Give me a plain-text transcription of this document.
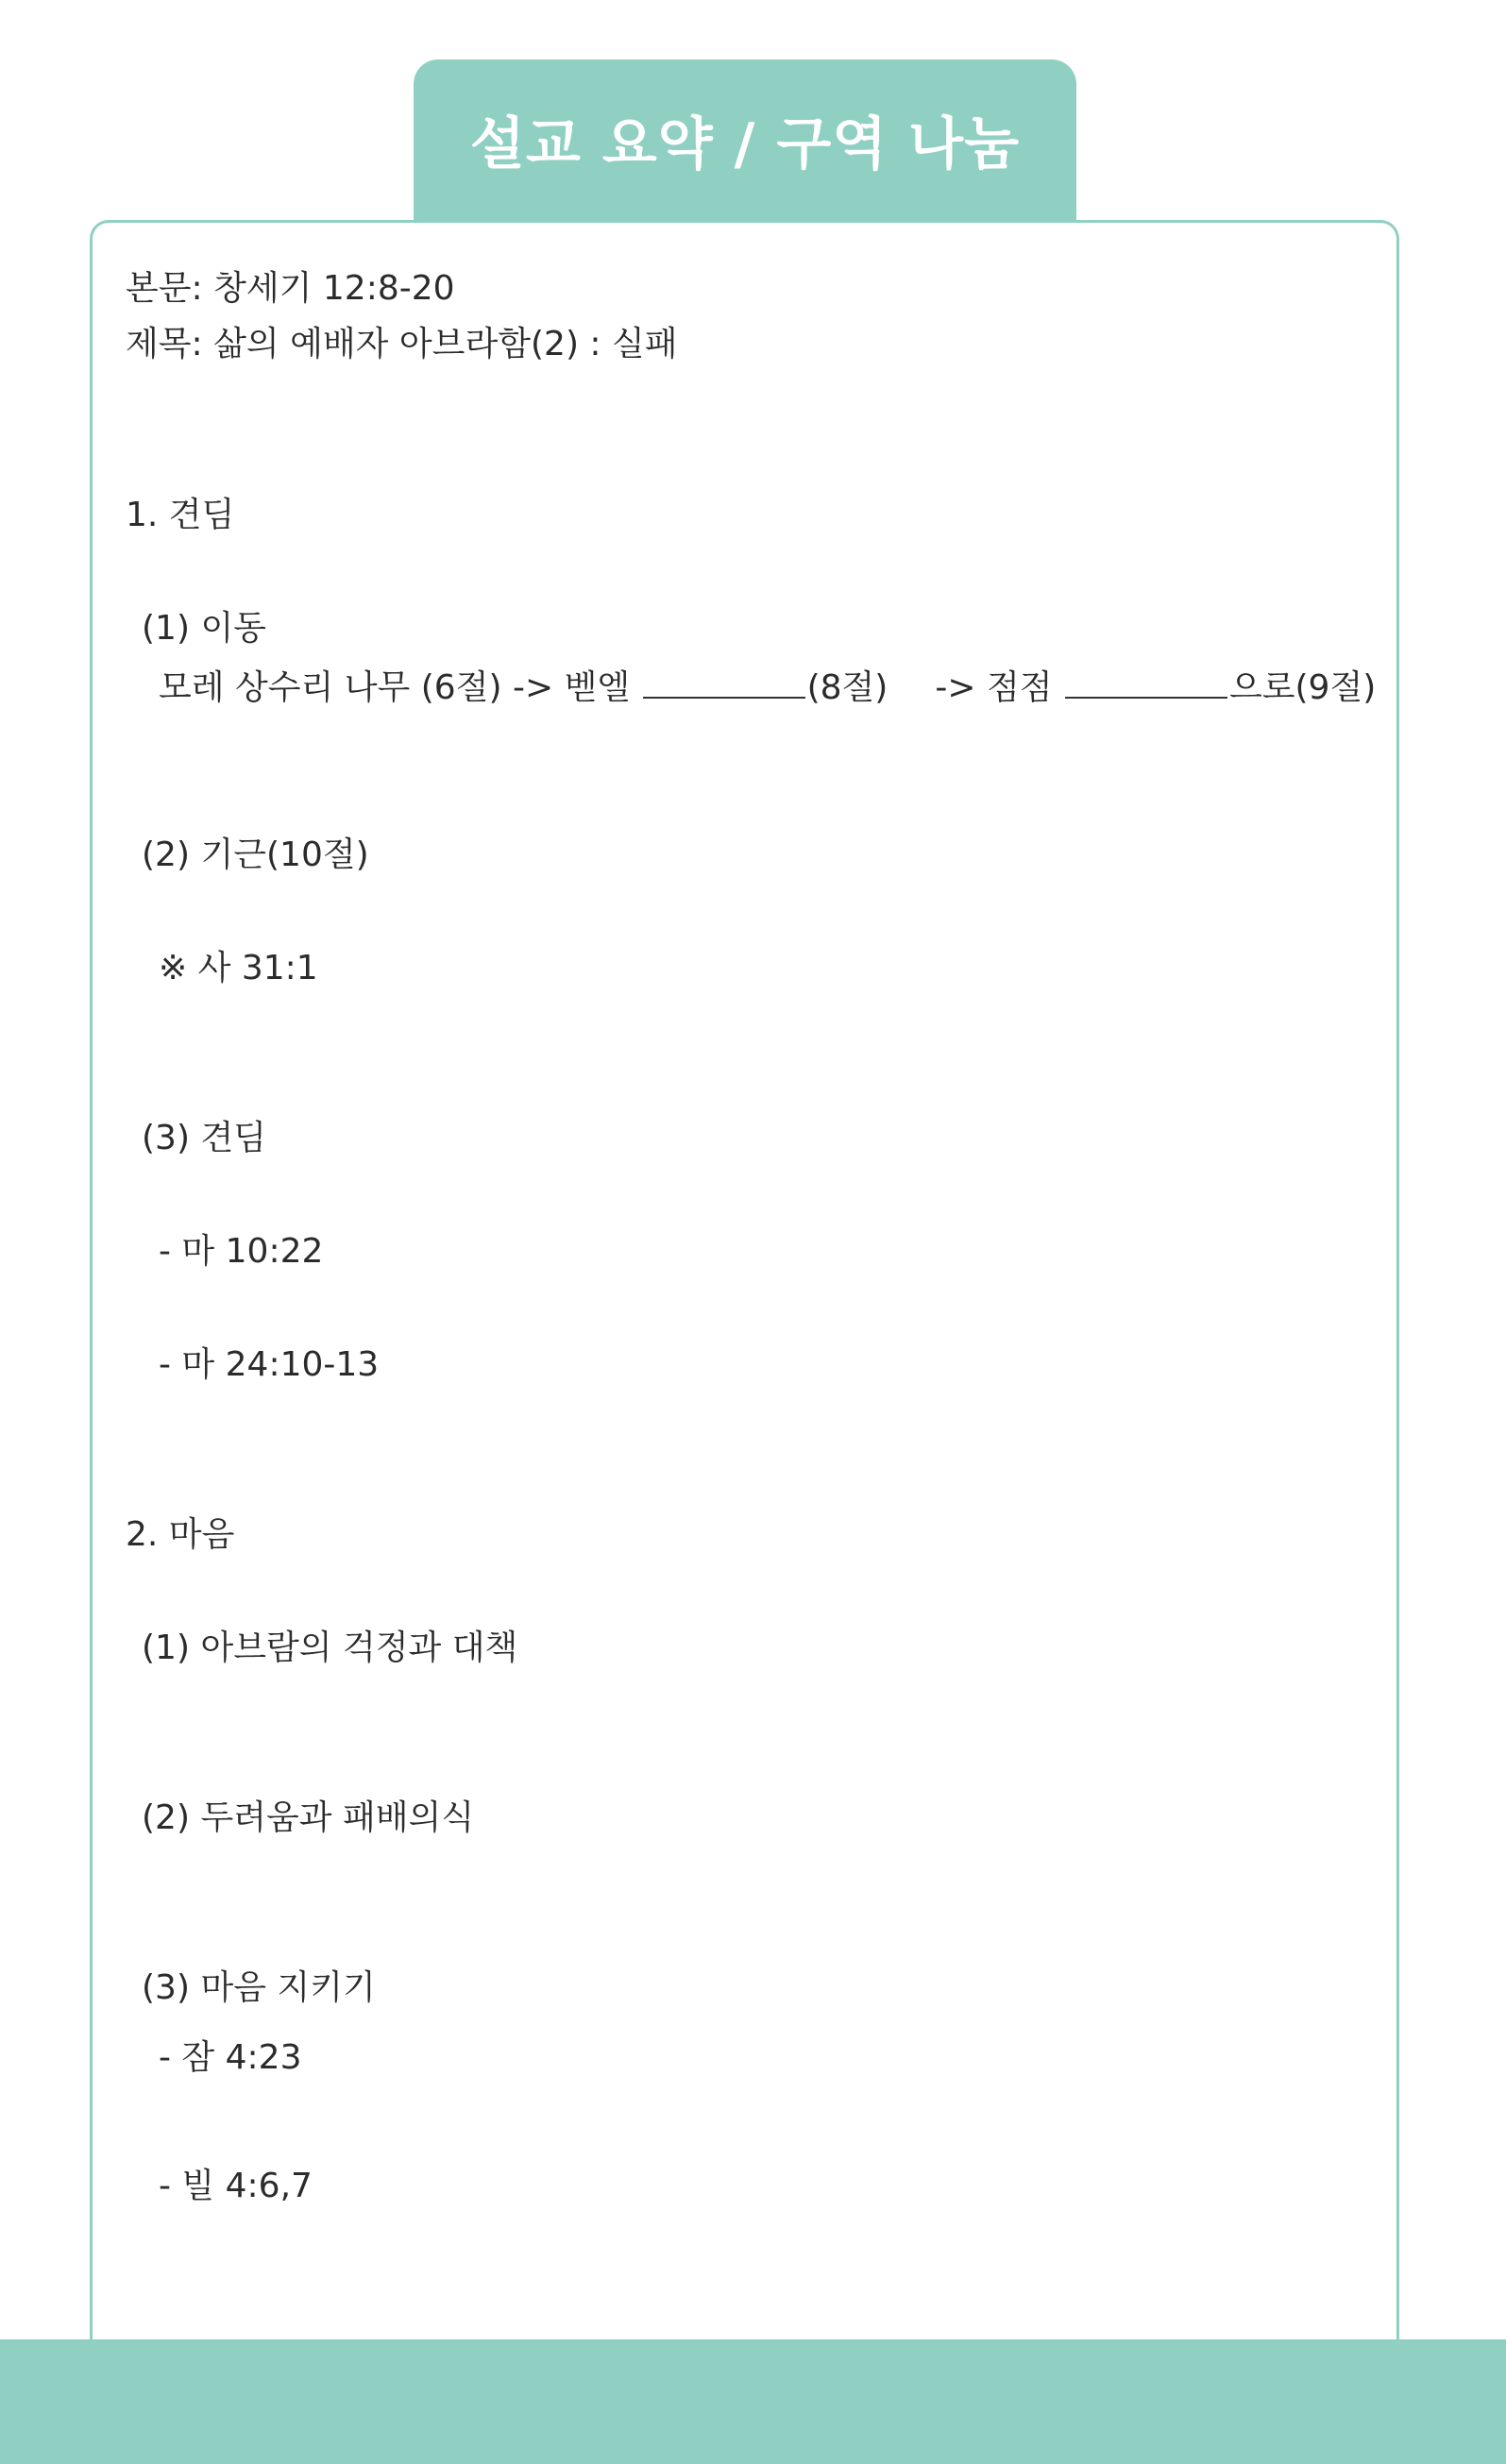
설교 요약 / 구역 나눔
본문: 창세기 12:8-20
제목: 삶의 예배자 아브라함(2) : 실패
1. 견딤
(1) 이동
모레 상수리 나무 (6절) -> 벧엘	(8절) -> 점점	으로(9절)
(2) 기근(10절)
※ 사 31:1
(3) 견딤
- 마 10:22
- 마 24:10-13
2. 마음
(1) 아브람의 걱정과 대책
(2) 두려움과 패배의식
(3) 마음 지키기
- 잠 4:23
- 빌 4:6,7
